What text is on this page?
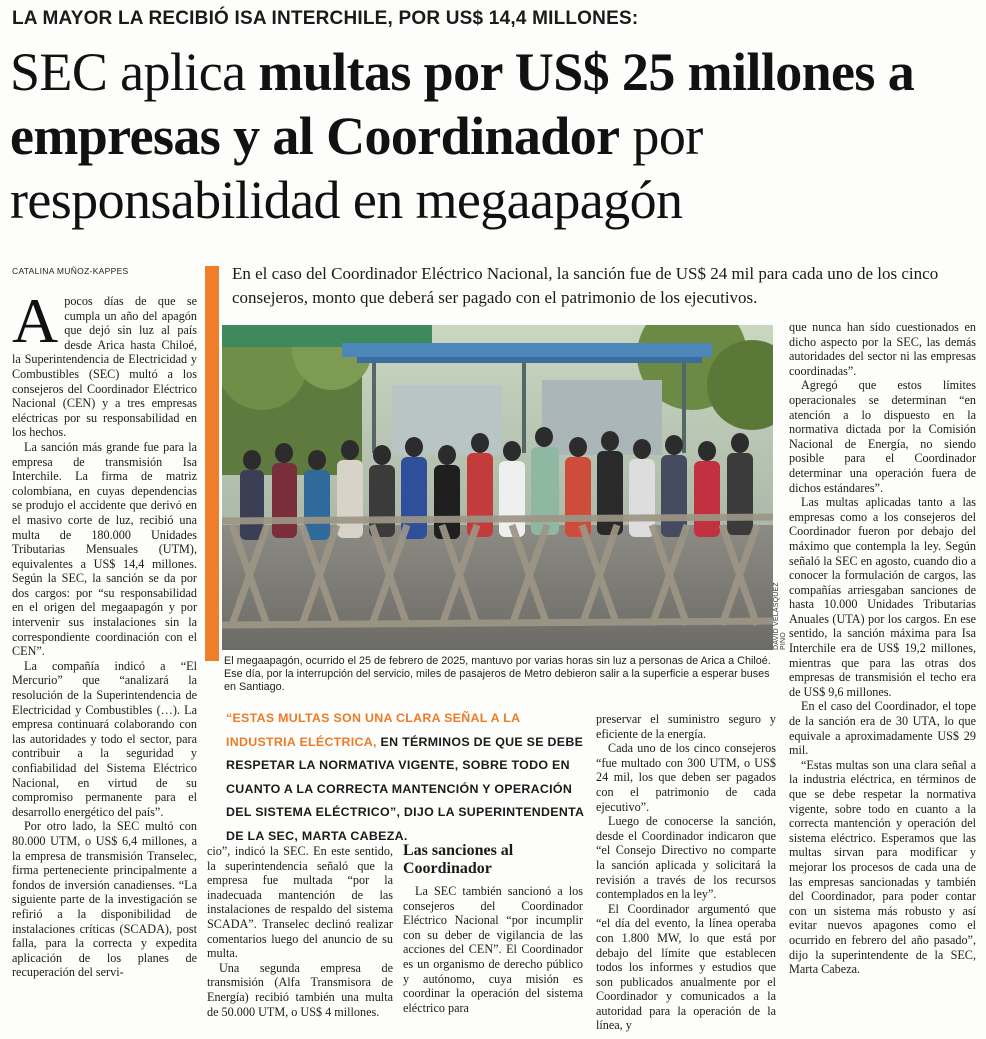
LA MAYOR LA RECIBIÓ ISA INTERCHILE, POR US$ 14,4 MILLONES:
SEC aplica multas por US$ 25 millones a empresas y al Coordinador por responsabilidad en megaapagón
CATALINA MUÑOZ-KAPPES	En el caso del Coordinador Eléctrico Nacional, la sanción fue de US$ 24 mil para cada uno de los cinco consejeros, monto que deberá ser pagado con el patrimonio de los ejecutivos.
A pocos días de que se cumpla un año del apagón que dejó sin luz al país desde Arica hasta Chiloé, la Superintendencia de Electricidad y Combustibles (SEC) multó a los consejeros del Coordinador Eléctrico Nacional (CEN) y a tres empresas eléctricas por su responsabilidad en los hechos.

La sanción más grande fue para la empresa de transmisión Isa Interchile. La firma de matriz colombiana, en cuyas dependencias se produjo el accidente que derivó en el masivo corte de luz, recibió una multa de 180.000 Unidades Tributarias Mensuales (UTM), equivalentes a US$ 14,4 millones. Según la SEC, la sanción se da por dos cargos: por “su responsabilidad en el origen del megaapagón y por intervenir sus instalaciones sin la correspondiente coordinación con el CEN”.

La compañía indicó a “El Mercurio” que “analizará la resolución de la Superintendencia de Electricidad y Combustibles (…). La empresa continuará colaborando con las autoridades y todo el sector, para contribuir a la seguridad y confiabilidad del Sistema Eléctrico Nacional, en virtud de su compromiso permanente para el desarrollo energético del país”.

Por otro lado, la SEC multó con 80.000 UTM, o US$ 6,4 millones, a la empresa de transmisión Transelec, firma perteneciente principalmente a fondos de inversión canadienses. “La siguiente parte de la investigación se refirió a la disponibilidad de instalaciones críticas (SCADA), post falla, para la correcta y expedita aplicación de los planes de recuperación del servi-

DAVID VELÁSQUEZ PINO
El megaapagón, ocurrido el 25 de febrero de 2025, mantuvo por varias horas sin luz a personas de Arica a Chiloé. Ese día, por la interrupción del servicio, miles de pasajeros de Metro debieron salir a la superficie a esperar buses en Santiago.
“ESTAS MULTAS SON UNA CLARA SEÑAL A LA INDUSTRIA ELÉCTRICA, EN TÉRMINOS DE QUE SE DEBE RESPETAR LA NORMATIVA VIGENTE, SOBRE TODO EN CUANTO A LA CORRECTA MANTENCIÓN Y OPERACIÓN DEL SISTEMA ELÉCTRICO”, DIJO LA SUPERINTENDENTA DE LA SEC, MARTA CABEZA.

cio”, indicó la SEC. En este sentido, la superintendencia señaló que la empresa fue multada “por la inadecuada mantención de las instalaciones de respaldo del sistema SCADA”. Transelec declinó realizar comentarios luego del anuncio de su multa.

Una segunda empresa de transmisión (Alfa Transmisora de Energía) recibió también una multa de 50.000 UTM, o US$ 4 millones.

Las sanciones al Coordinador

La SEC también sancionó a los consejeros del Coordinador Eléctrico Nacional “por incumplir con su deber de vigilancia de las acciones del CEN”. El Coordinador es un organismo de derecho público y autónomo, cuya misión es coordinar la operación del sistema eléctrico para

preservar el suministro seguro y eficiente de la energía.

Cada uno de los cinco consejeros “fue multado con 300 UTM, o US$ 24 mil, los que deben ser pagados con el patrimonio de cada ejecutivo”.

Luego de conocerse la sanción, desde el Coordinador indicaron que “el Consejo Directivo no comparte la sanción aplicada y solicitará la revisión a través de los recursos contemplados en la ley”.

El Coordinador argumentó que “el día del evento, la línea operaba con 1.800 MW, lo que está por debajo del límite que establecen todos los informes y estudios que son publicados anualmente por el Coordinador y comunicados a la autoridad para la operación de la línea, y

que nunca han sido cuestionados en dicho aspecto por la SEC, las demás autoridades del sector ni las empresas coordinadas”.

Agregó que estos límites operacionales se determinan “en atención a lo dispuesto en la normativa dictada por la Comisión Nacional de Energía, no siendo posible para el Coordinador determinar una operación fuera de dichos estándares”.

Las multas aplicadas tanto a las empresas como a los consejeros del Coordinador fueron por debajo del máximo que contempla la ley. Según señaló la SEC en agosto, cuando dio a conocer la formulación de cargos, las compañías arriesgaban sanciones de hasta 10.000 Unidades Tributarias Anuales (UTA) por los cargos. En ese sentido, la sanción máxima para Isa Interchile era de US$ 19,2 millones, mientras que para las otras dos empresas de transmisión el techo era de US$ 9,6 millones.

En el caso del Coordinador, el tope de la sanción era de 30 UTA, lo que equivale a aproximadamente US$ 29 mil.

“Estas multas son una clara señal a la industria eléctrica, en términos de que se debe respetar la normativa vigente, sobre todo en cuanto a la correcta mantención y operación del sistema eléctrico. Esperamos que las multas sirvan para modificar y mejorar los procesos de cada una de las empresas sancionadas y también del Coordinador, para poder contar con un sistema más robusto y así evitar nuevos apagones como el ocurrido en febrero del año pasado”, dijo la superintendente de la SEC, Marta Cabeza.
